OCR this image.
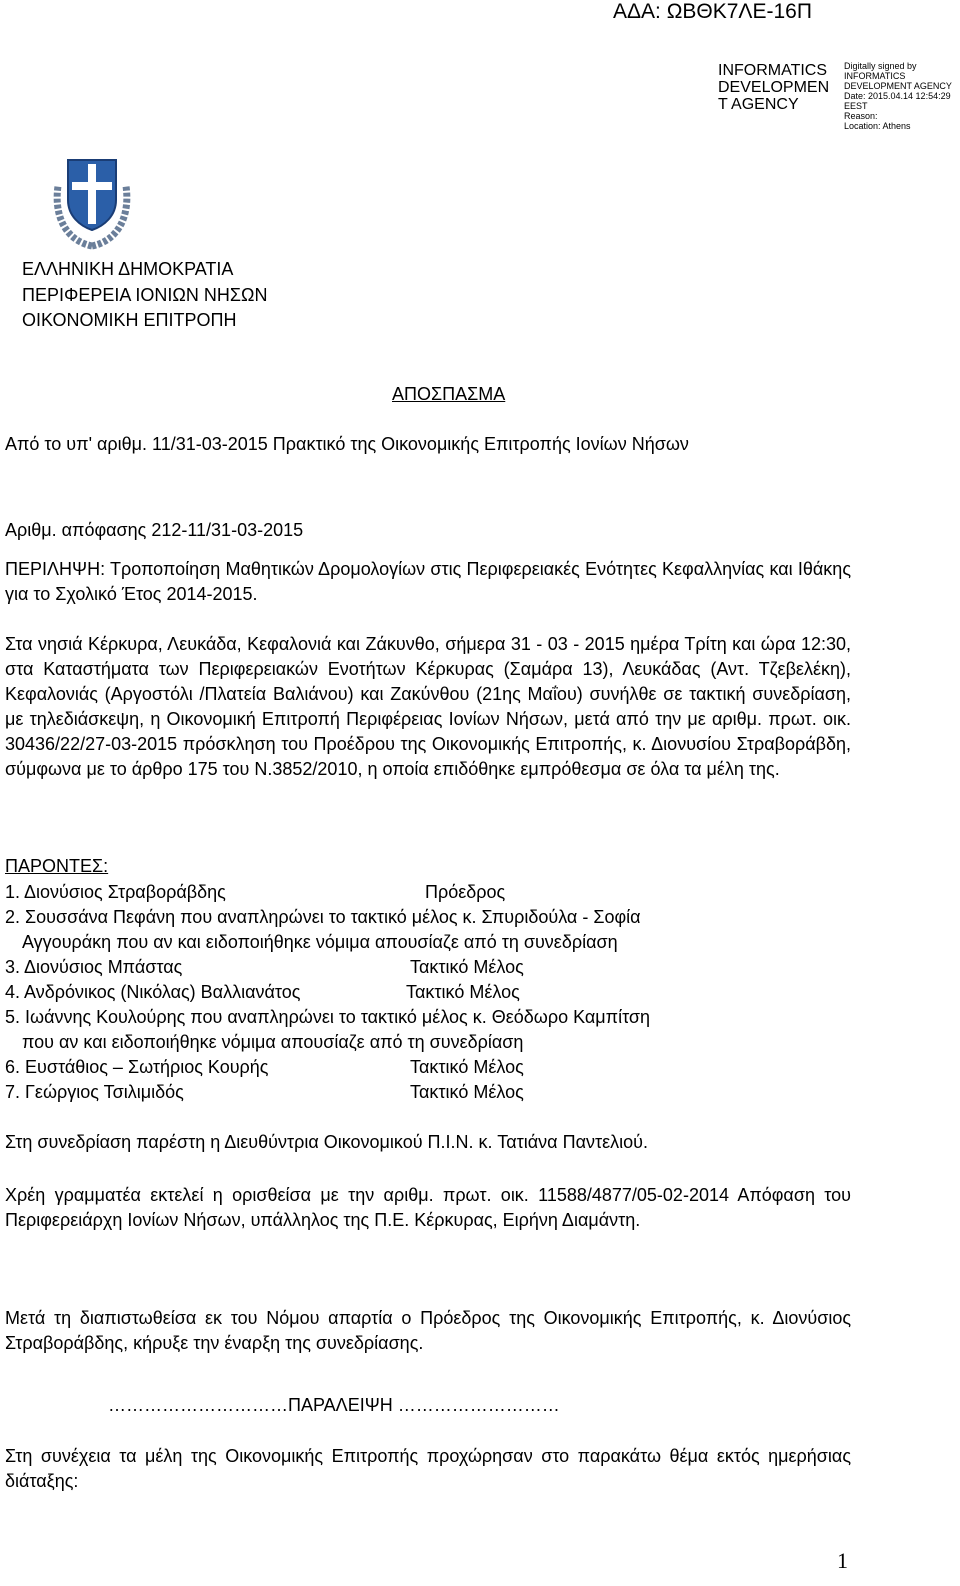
ΑΔΑ: ΩΒΘΚ7ΛΕ-16Π
INFORMATICS
DEVELOPMEN
T AGENCY
Digitally signed by
INFORMATICS
DEVELOPMENT AGENCY
Date: 2015.04.14 12:54:29
EEST
Reason:
Location: Athens
ΕΛΛΗΝΙΚΗ ΔΗΜΟΚΡΑΤΙΑ
ΠΕΡΙΦΕΡΕΙΑ ΙΟΝΙΩΝ ΝΗΣΩΝ
ΟΙΚΟΝΟΜΙΚΗ ΕΠΙΤΡΟΠΗ
ΑΠΟΣΠΑΣΜΑ
Από το υπ' αριθμ. 11/31-03-2015 Πρακτικό της Οικονομικής Επιτροπής Ιονίων Νήσων
Αριθμ. απόφασης 212-11/31-03-2015
ΠΕΡΙΛΗΨΗ: Τροποποίηση Μαθητικών Δρομολογίων στις Περιφερειακές Ενότητες Κεφαλληνίας και Ιθάκης για το Σχολικό Έτος 2014-2015.
Στα νησιά Κέρκυρα, Λευκάδα, Κεφαλονιά και Ζάκυνθο, σήμερα 31 - 03 - 2015 ημέρα Τρίτη και ώρα 12:30, στα Καταστήματα των Περιφερειακών Ενοτήτων Κέρκυρας (Σαμάρα 13), Λευκάδας (Αντ. Τζεβελέκη), Κεφαλονιάς (Αργοστόλι /Πλατεία Βαλιάνου) και Ζακύνθου (21ης Μαΐου) συνήλθε σε τακτική συνεδρίαση, με τηλεδιάσκεψη, η Οικονομική Επιτροπή Περιφέρειας Ιονίων Νήσων, μετά από την με αριθμ. πρωτ. οικ. 30436/22/27-03-2015 πρόσκληση του Προέδρου της Οικονομικής Επιτροπής, κ. Διονυσίου Στραβοράβδη, σύμφωνα με το άρθρο 175 του Ν.3852/2010, η οποία επιδόθηκε εμπρόθεσμα σε όλα τα μέλη της.
ΠΑΡΟΝΤΕΣ:
1. Διονύσιος Στραβοράβδης	Πρόεδρος
2. Σουσσάνα Πεφάνη που αναπληρώνει το τακτικό μέλος κ. Σπυριδούλα - Σοφία
Αγγουράκη που αν και ειδοποιήθηκε νόμιμα απουσίαζε από τη συνεδρίαση
3. Διονύσιος Μπάστας	Τακτικό Μέλος
4. Ανδρόνικος (Νικόλας) Βαλλιανάτος	Τακτικό Μέλος
5. Ιωάννης Κουλούρης που αναπληρώνει το τακτικό μέλος κ. Θεόδωρο Καμπίτση
που αν και ειδοποιήθηκε νόμιμα απουσίαζε από τη συνεδρίαση
6. Ευστάθιος – Σωτήριος Κουρής	Τακτικό Μέλος
7. Γεώργιος Τσιλιμιδός	Τακτικό Μέλος
Στη συνεδρίαση παρέστη η Διευθύντρια Οικονομικού Π.Ι.Ν. κ. Τατιάνα Παντελιού.
Χρέη γραμματέα εκτελεί η ορισθείσα με την αριθμ. πρωτ. οικ. 11588/4877/05-02-2014 Απόφαση του Περιφερειάρχη Ιονίων Νήσων, υπάλληλος της Π.Ε. Κέρκυρας, Ειρήνη Διαμάντη.
Μετά τη διαπιστωθείσα εκ του Νόμου απαρτία ο Πρόεδρος της Οικονομικής Επιτροπής, κ. Διονύσιος Στραβοράβδης, κήρυξε την έναρξη της συνεδρίασης.
…………………………ΠΑΡΑΛΕΙΨΗ ………………………
Στη συνέχεια τα μέλη της Οικονομικής Επιτροπής προχώρησαν στο παρακάτω θέμα εκτός ημερήσιας διάταξης:
1
